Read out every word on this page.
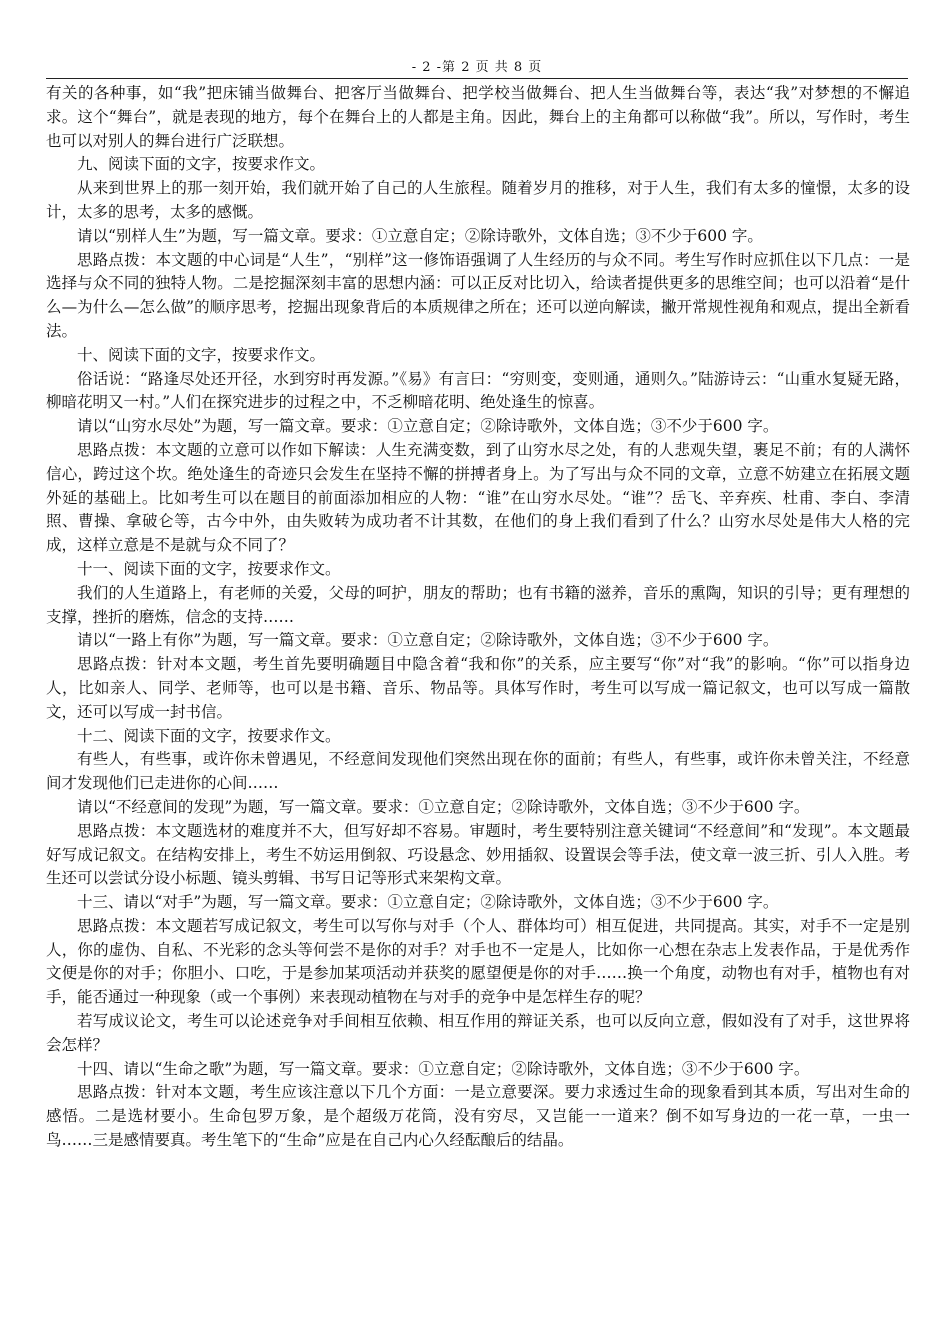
- 2 -第 2 页 共 8 页

有关的各种事，如“我”把床铺当做舞台、把客厅当做舞台、把学校当做舞台、把人生当做舞台等，表达“我”对梦想的不懈追求。这个“舞台”，就是表现的地方，每个在舞台上的人都是主角。因此，舞台上的主角都可以称做“我”。所以，写作时，考生也可以对别人的舞台进行广泛联想。

九、阅读下面的文字，按要求作文。

从来到世界上的那一刻开始，我们就开始了自己的人生旅程。随着岁月的推移，对于人生，我们有太多的憧憬，太多的设计，太多的思考，太多的感慨。

请以“别样人生”为题，写一篇文章。要求：①立意自定；②除诗歌外，文体自选；③不少于600 字。

思路点拨：本文题的中心词是“人生”，“别样”这一修饰语强调了人生经历的与众不同。考生写作时应抓住以下几点：一是选择与众不同的独特人物。二是挖掘深刻丰富的思想内涵：可以正反对比切入，给读者提供更多的思维空间；也可以沿着“是什么—为什么—怎么做”的顺序思考，挖掘出现象背后的本质规律之所在；还可以逆向解读，撇开常规性视角和观点，提出全新看法。

十、阅读下面的文字，按要求作文。

俗话说：“路逢尽处还开径，水到穷时再发源。”《易》有言曰：“穷则变，变则通，通则久。”陆游诗云：“山重水复疑无路，柳暗花明又一村。”人们在探究进步的过程之中，不乏柳暗花明、绝处逢生的惊喜。

请以“山穷水尽处”为题，写一篇文章。要求：①立意自定；②除诗歌外，文体自选；③不少于600 字。

思路点拨：本文题的立意可以作如下解读：人生充满变数，到了山穷水尽之处，有的人悲观失望，裹足不前；有的人满怀信心，跨过这个坎。绝处逢生的奇迹只会发生在坚持不懈的拼搏者身上。为了写出与众不同的文章，立意不妨建立在拓展文题外延的基础上。比如考生可以在题目的前面添加相应的人物：“谁”在山穷水尽处。“谁”？岳飞、辛弃疾、杜甫、李白、李清照、曹操、拿破仑等，古今中外，由失败转为成功者不计其数，在他们的身上我们看到了什么？山穷水尽处是伟大人格的完成，这样立意是不是就与众不同了？

十一、阅读下面的文字，按要求作文。

我们的人生道路上，有老师的关爱，父母的呵护，朋友的帮助；也有书籍的滋养，音乐的熏陶，知识的引导；更有理想的支撑，挫折的磨炼，信念的支持……

请以“一路上有你”为题，写一篇文章。要求：①立意自定；②除诗歌外，文体自选；③不少于600 字。

思路点拨：针对本文题，考生首先要明确题目中隐含着“我和你”的关系，应主要写“你”对“我”的影响。“你”可以指身边人，比如亲人、同学、老师等，也可以是书籍、音乐、物品等。具体写作时，考生可以写成一篇记叙文，也可以写成一篇散文，还可以写成一封书信。

十二、阅读下面的文字，按要求作文。

有些人，有些事，或许你未曾遇见，不经意间发现他们突然出现在你的面前；有些人，有些事，或许你未曾关注，不经意间才发现他们已走进你的心间……

请以“不经意间的发现”为题，写一篇文章。要求：①立意自定；②除诗歌外，文体自选；③不少于600 字。

思路点拨：本文题选材的难度并不大，但写好却不容易。审题时，考生要特别注意关键词“不经意间”和“发现”。本文题最好写成记叙文。在结构安排上，考生不妨运用倒叙、巧设悬念、妙用插叙、设置误会等手法，使文章一波三折、引人入胜。考生还可以尝试分设小标题、镜头剪辑、书写日记等形式来架构文章。

十三、请以“对手”为题，写一篇文章。要求：①立意自定；②除诗歌外，文体自选；③不少于600 字。

思路点拨：本文题若写成记叙文，考生可以写你与对手（个人、群体均可）相互促进，共同提高。其实，对手不一定是别人，你的虚伪、自私、不光彩的念头等何尝不是你的对手？对手也不一定是人，比如你一心想在杂志上发表作品，于是优秀作文便是你的对手；你胆小、口吃，于是参加某项活动并获奖的愿望便是你的对手……换一个角度，动物也有对手，植物也有对手，能否通过一种现象（或一个事例）来表现动植物在与对手的竞争中是怎样生存的呢？

若写成议论文，考生可以论述竞争对手间相互依赖、相互作用的辩证关系，也可以反向立意，假如没有了对手，这世界将会怎样？

十四、请以“生命之歌”为题，写一篇文章。要求：①立意自定；②除诗歌外，文体自选；③不少于600 字。

思路点拨：针对本文题，考生应该注意以下几个方面：一是立意要深。要力求透过生命的现象看到其本质，写出对生命的感悟。二是选材要小。生命包罗万象，是个超级万花筒，没有穷尽，又岂能一一道来？倒不如写身边的一花一草，一虫一鸟……三是感情要真。考生笔下的“生命”应是在自己内心久经酝酿后的结晶。
